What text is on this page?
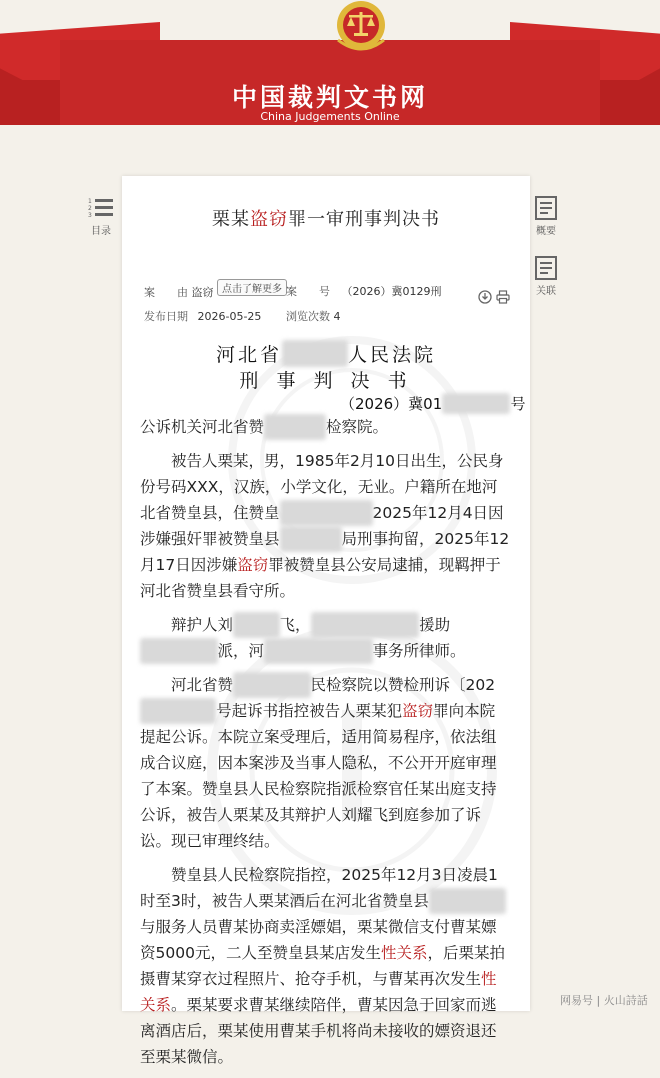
中国裁判文书网
China Judgements Online
栗某盗窃罪一审刑事判决书
案　　由 盗窃 点击了解更多 案　　号 （2026）冀0129刑
发布日期 2026-05-25 浏览次数 4
河北省	人民法院
刑 事 判 决 书
（2026）冀01	号

公诉机关河北省赞	检察院。

被告人栗某，男，1985年2月10日出生，公民身份号码XXX，汉族，小学文化，无业。户籍所在地河北省赞皇县，住赞皇	2025年12月4日因涉嫌强奸罪被赞皇县	局刑事拘留，2025年12月17日因涉嫌盗窃罪被赞皇县公安局逮捕，现羁押于河北省赞皇县看守所。

辩护人刘	飞，	援助派，河	事务所律师。

河北省赞	民检察院以赞检刑诉〔202号起诉书指控被告人栗某犯盗窃罪向本院提起公诉。本院立案受理后，适用简易程序，依法组成合议庭，因本案涉及当事人隐私，不公开开庭审理了本案。赞皇县人民检察院指派检察官任某出庭支持公诉，被告人栗某及其辩护人刘耀飞到庭参加了诉讼。现已审理终结。

赞皇县人民检察院指控，2025年12月3日凌晨1时至3时，被告人栗某酒后在河北省赞皇县与服务人员曹某协商卖淫嫖娼，栗某微信支付曹某嫖资5000元，二人至赞皇县某店发生性关系，后栗某拍摄曹某穿衣过程照片、抢夺手机，与曹某再次发生性关系。栗某要求曹某继续陪伴，曹某因急于回家而逃离酒店后，栗某使用曹某手机将尚未接收的嫖资退还至栗某微信。

1
2
3
目录	概要
关联
网易号 | 火山詩話
